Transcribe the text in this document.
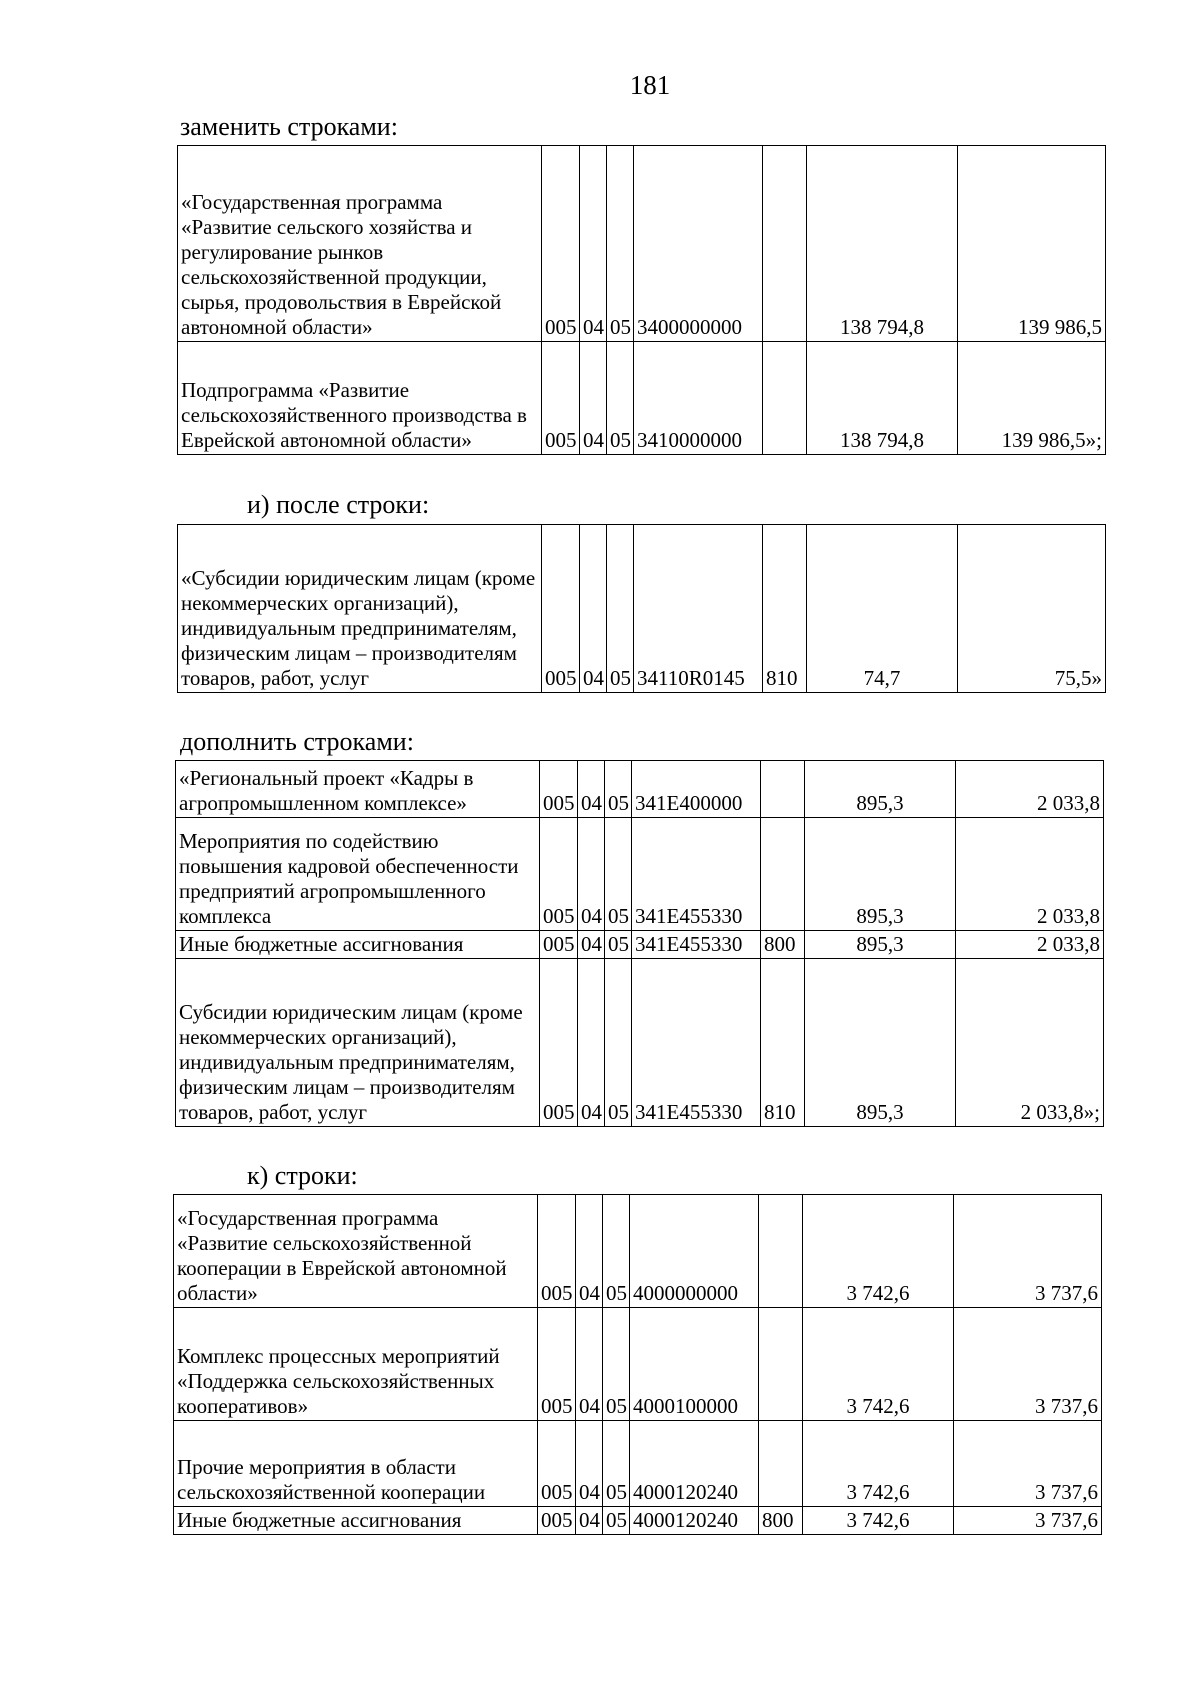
181
заменить строками:
«Государственная программа «Развитие сельского хозяйства и регулирование рынков сельскохозяйственной продукции, сырья, продовольствия в Еврейской автономной области»	005	04	05	3400000000		138 794,8	139 986,5
Подпрограмма «Развитие сельскохозяйственного производства в Еврейской автономной области»	005	04	05	3410000000		138 794,8	139 986,5»;
и) после строки:
«Субсидии юридическим лицам (кроме некоммерческих организаций), индивидуальным предпринимателям, физическим лицам – производителям товаров, работ, услуг	005	04	05	34110R0145	810	74,7	75,5»
дополнить строками:
«Региональный проект «Кадры в агропромышленном комплексе»	005	04	05	341E400000		895,3	2 033,8
Мероприятия по содействию повышения кадровой обеспеченности предприятий агропромышленного комплекса	005	04	05	341E455330		895,3	2 033,8
Иные бюджетные ассигнования	005	04	05	341E455330	800	895,3	2 033,8
Субсидии юридическим лицам (кроме некоммерческих организаций), индивидуальным предпринимателям, физическим лицам – производителям товаров, работ, услуг	005	04	05	341E455330	810	895,3	2 033,8»;
к) строки:
«Государственная программа «Развитие сельскохозяйственной кооперации в Еврейской автономной области»	005	04	05	4000000000		3 742,6	3 737,6
Комплекс процессных мероприятий «Поддержка сельскохозяйственных кооперативов»	005	04	05	4000100000		3 742,6	3 737,6
Прочие мероприятия в области сельскохозяйственной кооперации	005	04	05	4000120240		3 742,6	3 737,6
Иные бюджетные ассигнования	005	04	05	4000120240	800	3 742,6	3 737,6
